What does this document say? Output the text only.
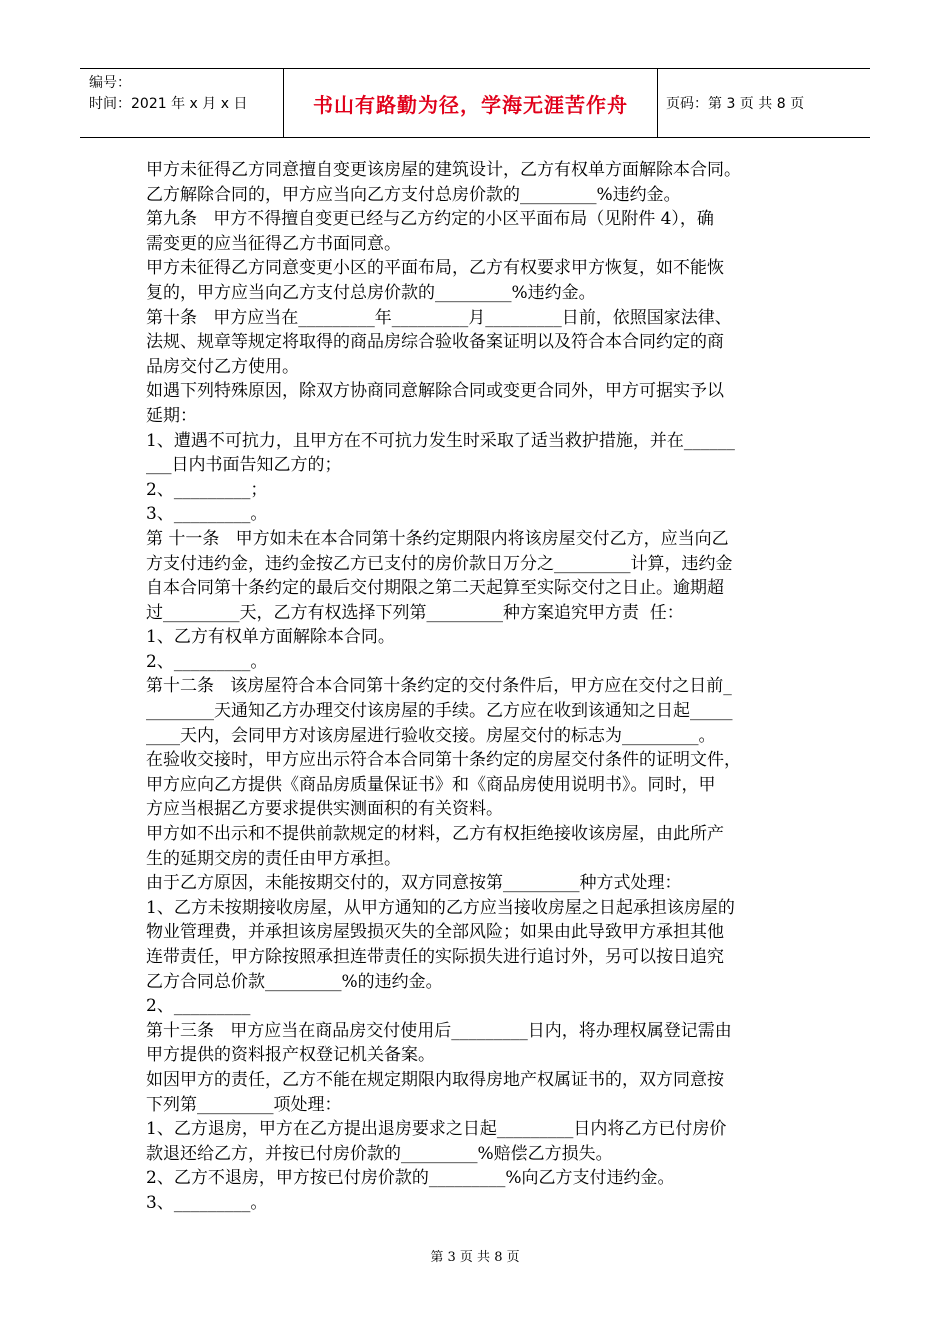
编号：
时间：2021 年 x 月 x 日	书山有路勤为径，学海无涯苦作舟	页码：第 3 页 共 8 页

甲方未征得乙方同意擅自变更该房屋的建筑设计，乙方有权单方面解除本合同。

乙方解除合同的，甲方应当向乙方支付总房价款的_________%违约金。

第九条   甲方不得擅自变更已经与乙方约定的小区平面布局（见附件 4），确

需变更的应当征得乙方书面同意。

甲方未征得乙方同意变更小区的平面布局，乙方有权要求甲方恢复，如不能恢

复的，甲方应当向乙方支付总房价款的_________%违约金。

第十条   甲方应当在_________年_________月_________日前，依照国家法律、

法规、规章等规定将取得的商品房综合验收备案证明以及符合本合同约定的商

品房交付乙方使用。

如遇下列特殊原因，除双方协商同意解除合同或变更合同外，甲方可据实予以

延期：

1、遭遇不可抗力，且甲方在不可抗力发生时采取了适当救护措施，并在______

___日内书面告知乙方的；

2、_________；

3、_________。

第 十一条   甲方如未在本合同第十条约定期限内将该房屋交付乙方，应当向乙

方支付违约金，违约金按乙方已支付的房价款日万分之_________计算，违约金

自本合同第十条约定的最后交付期限之第二天起算至实际交付之日止。逾期超

过_________天，乙方有权选择下列第_________种方案追究甲方责  任：

1、乙方有权单方面解除本合同。

2、_________。

第十二条   该房屋符合本合同第十条约定的交付条件后，甲方应在交付之日前_

________天通知乙方办理交付该房屋的手续。乙方应在收到该通知之日起_____

____天内，会同甲方对该房屋进行验收交接。房屋交付的标志为_________。

在验收交接时，甲方应出示符合本合同第十条约定的房屋交付条件的证明文件，

甲方应向乙方提供《商品房质量保证书》和《商品房使用说明书》。同时，甲

方应当根据乙方要求提供实测面积的有关资料。

甲方如不出示和不提供前款规定的材料，乙方有权拒绝接收该房屋，由此所产

生的延期交房的责任由甲方承担。

由于乙方原因，未能按期交付的，双方同意按第_________种方式处理：

1、乙方未按期接收房屋，从甲方通知的乙方应当接收房屋之日起承担该房屋的

物业管理费，并承担该房屋毁损灭失的全部风险；如果由此导致甲方承担其他

连带责任，甲方除按照承担连带责任的实际损失进行追讨外，另可以按日追究

乙方合同总价款_________%的违约金。

2、_________

第十三条   甲方应当在商品房交付使用后_________日内，将办理权属登记需由

甲方提供的资料报产权登记机关备案。

如因甲方的责任，乙方不能在规定期限内取得房地产权属证书的，双方同意按

下列第_________项处理：

1、乙方退房，甲方在乙方提出退房要求之日起_________日内将乙方已付房价

款退还给乙方，并按已付房价款的_________%赔偿乙方损失。

2、乙方不退房，甲方按已付房价款的_________%向乙方支付违约金。

3、_________。

第 3 页 共 8 页
